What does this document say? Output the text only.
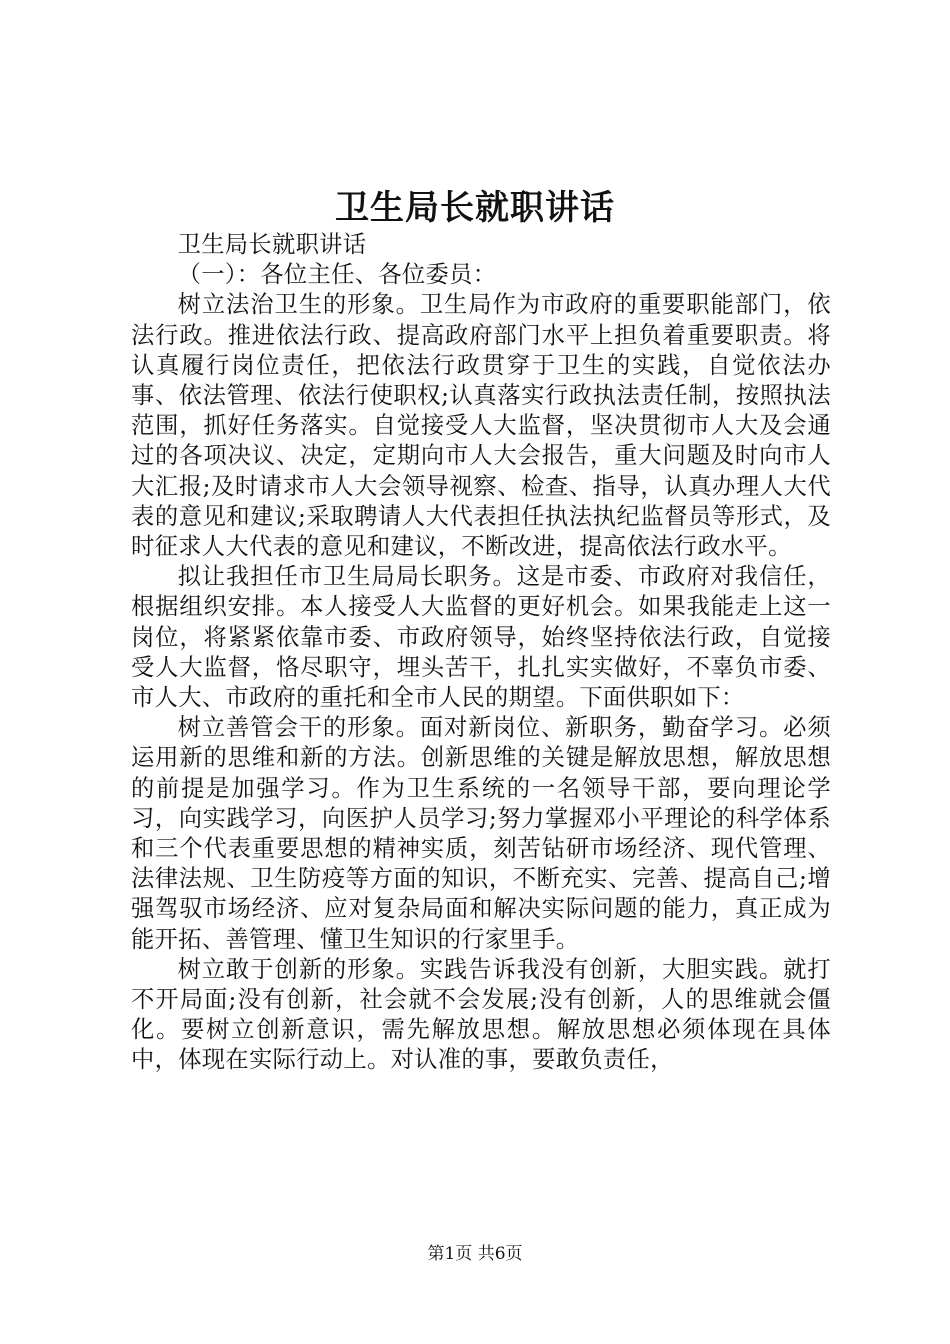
卫生局长就职讲话

卫生局长就职讲话

（一）：各位主任、各位委员：

树立法治卫生的形象。卫生局作为市政府的重要职能部门，依法行政。推进依法行政、提高政府部门水平上担负着重要职责。将认真履行岗位责任，把依法行政贯穿于卫生的实践，自觉依法办事、依法管理、依法行使职权;认真落实行政执法责任制，按照执法范围，抓好任务落实。自觉接受人大监督，坚决贯彻市人大及会通过的各项决议、决定，定期向市人大会报告，重大问题及时向市人大汇报;及时请求市人大会领导视察、检查、指导，认真办理人大代表的意见和建议;采取聘请人大代表担任执法执纪监督员等形式，及时征求人大代表的意见和建议，不断改进，提高依法行政水平。

拟让我担任市卫生局局长职务。这是市委、市政府对我信任，根据组织安排。本人接受人大监督的更好机会。如果我能走上这一岗位，将紧紧依靠市委、市政府领导，始终坚持依法行政，自觉接受人大监督，恪尽职守，埋头苦干，扎扎实实做好，不辜负市委、市人大、市政府的重托和全市人民的期望。下面供职如下：

树立善管会干的形象。面对新岗位、新职务，勤奋学习。必须运用新的思维和新的方法。创新思维的关键是解放思想，解放思想的前提是加强学习。作为卫生系统的一名领导干部，要向理论学习，向实践学习，向医护人员学习;努力掌握邓小平理论的科学体系和三个代表重要思想的精神实质，刻苦钻研市场经济、现代管理、法律法规、卫生防疫等方面的知识，不断充实、完善、提高自己;增强驾驭市场经济、应对复杂局面和解决实际问题的能力，真正成为能开拓、善管理、懂卫生知识的行家里手。

树立敢于创新的形象。实践告诉我没有创新，大胆实践。就打不开局面;没有创新，社会就不会发展;没有创新，人的思维就会僵化。要树立创新意识，需先解放思想。解放思想必须体现在具体中，体现在实际行动上。对认准的事，要敢负责任，

第1页 共6页
